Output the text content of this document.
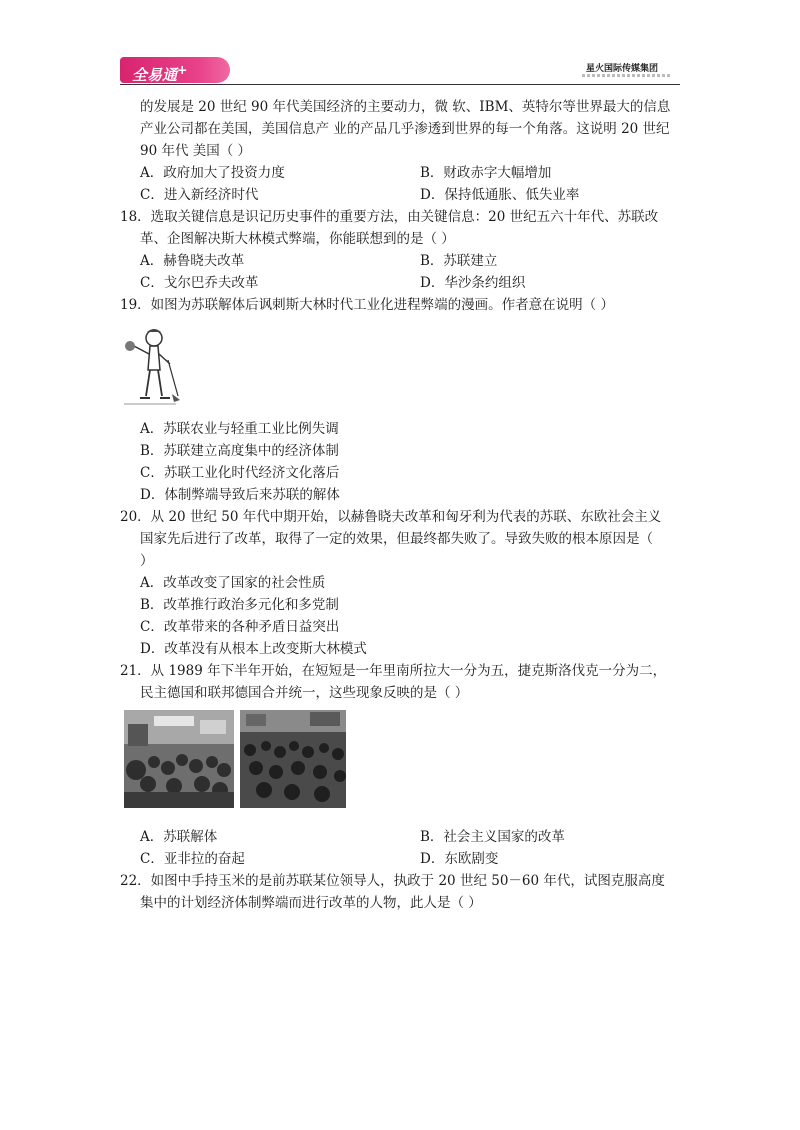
全易通+	星火国际传媒集团
的发展是 20 世纪 90 年代美国经济的主要动力，微 软、IBM、英特尔等世界最大的信息
产业公司都在美国，美国信息产 业的产品几乎渗透到世界的每一个角落。这说明 20 世纪
90 年代 美国（ ）
A．政府加大了投资力度	B．财政赤字大幅增加
C．进入新经济时代	D．保持低通胀、低失业率
18．选取关键信息是识记历史事件的重要方法，由关键信息：20 世纪五六十年代、苏联改
革、企图解决斯大林模式弊端，你能联想到的是（ ）
A．赫鲁晓夫改革	B．苏联建立
C．戈尔巴乔夫改革	D．华沙条约组织
19．如图为苏联解体后讽刺斯大林时代工业化进程弊端的漫画。作者意在说明（ ）
A．苏联农业与轻重工业比例失调
B．苏联建立高度集中的经济体制
C．苏联工业化时代经济文化落后
D．体制弊端导致后来苏联的解体
20．从 20 世纪 50 年代中期开始，以赫鲁晓夫改革和匈牙利为代表的苏联、东欧社会主义
国家先后进行了改革，取得了一定的效果，但最终都失败了。导致失败的根本原因是（
）
A．改革改变了国家的社会性质
B．改革推行政治多元化和多党制
C．改革带来的各种矛盾日益突出
D．改革没有从根本上改变斯大林模式
21．从 1989 年下半年开始，在短短是一年里南所拉大一分为五，捷克斯洛伐克一分为二，
民主德国和联邦德国合并统一，这些现象反映的是（ ）
A．苏联解体	B．社会主义国家的改革
C．亚非拉的奋起	D．东欧剧变
22．如图中手持玉米的是前苏联某位领导人，执政于 20 世纪 50－60 年代，试图克服高度
集中的计划经济体制弊端而进行改革的人物，此人是（ ）
